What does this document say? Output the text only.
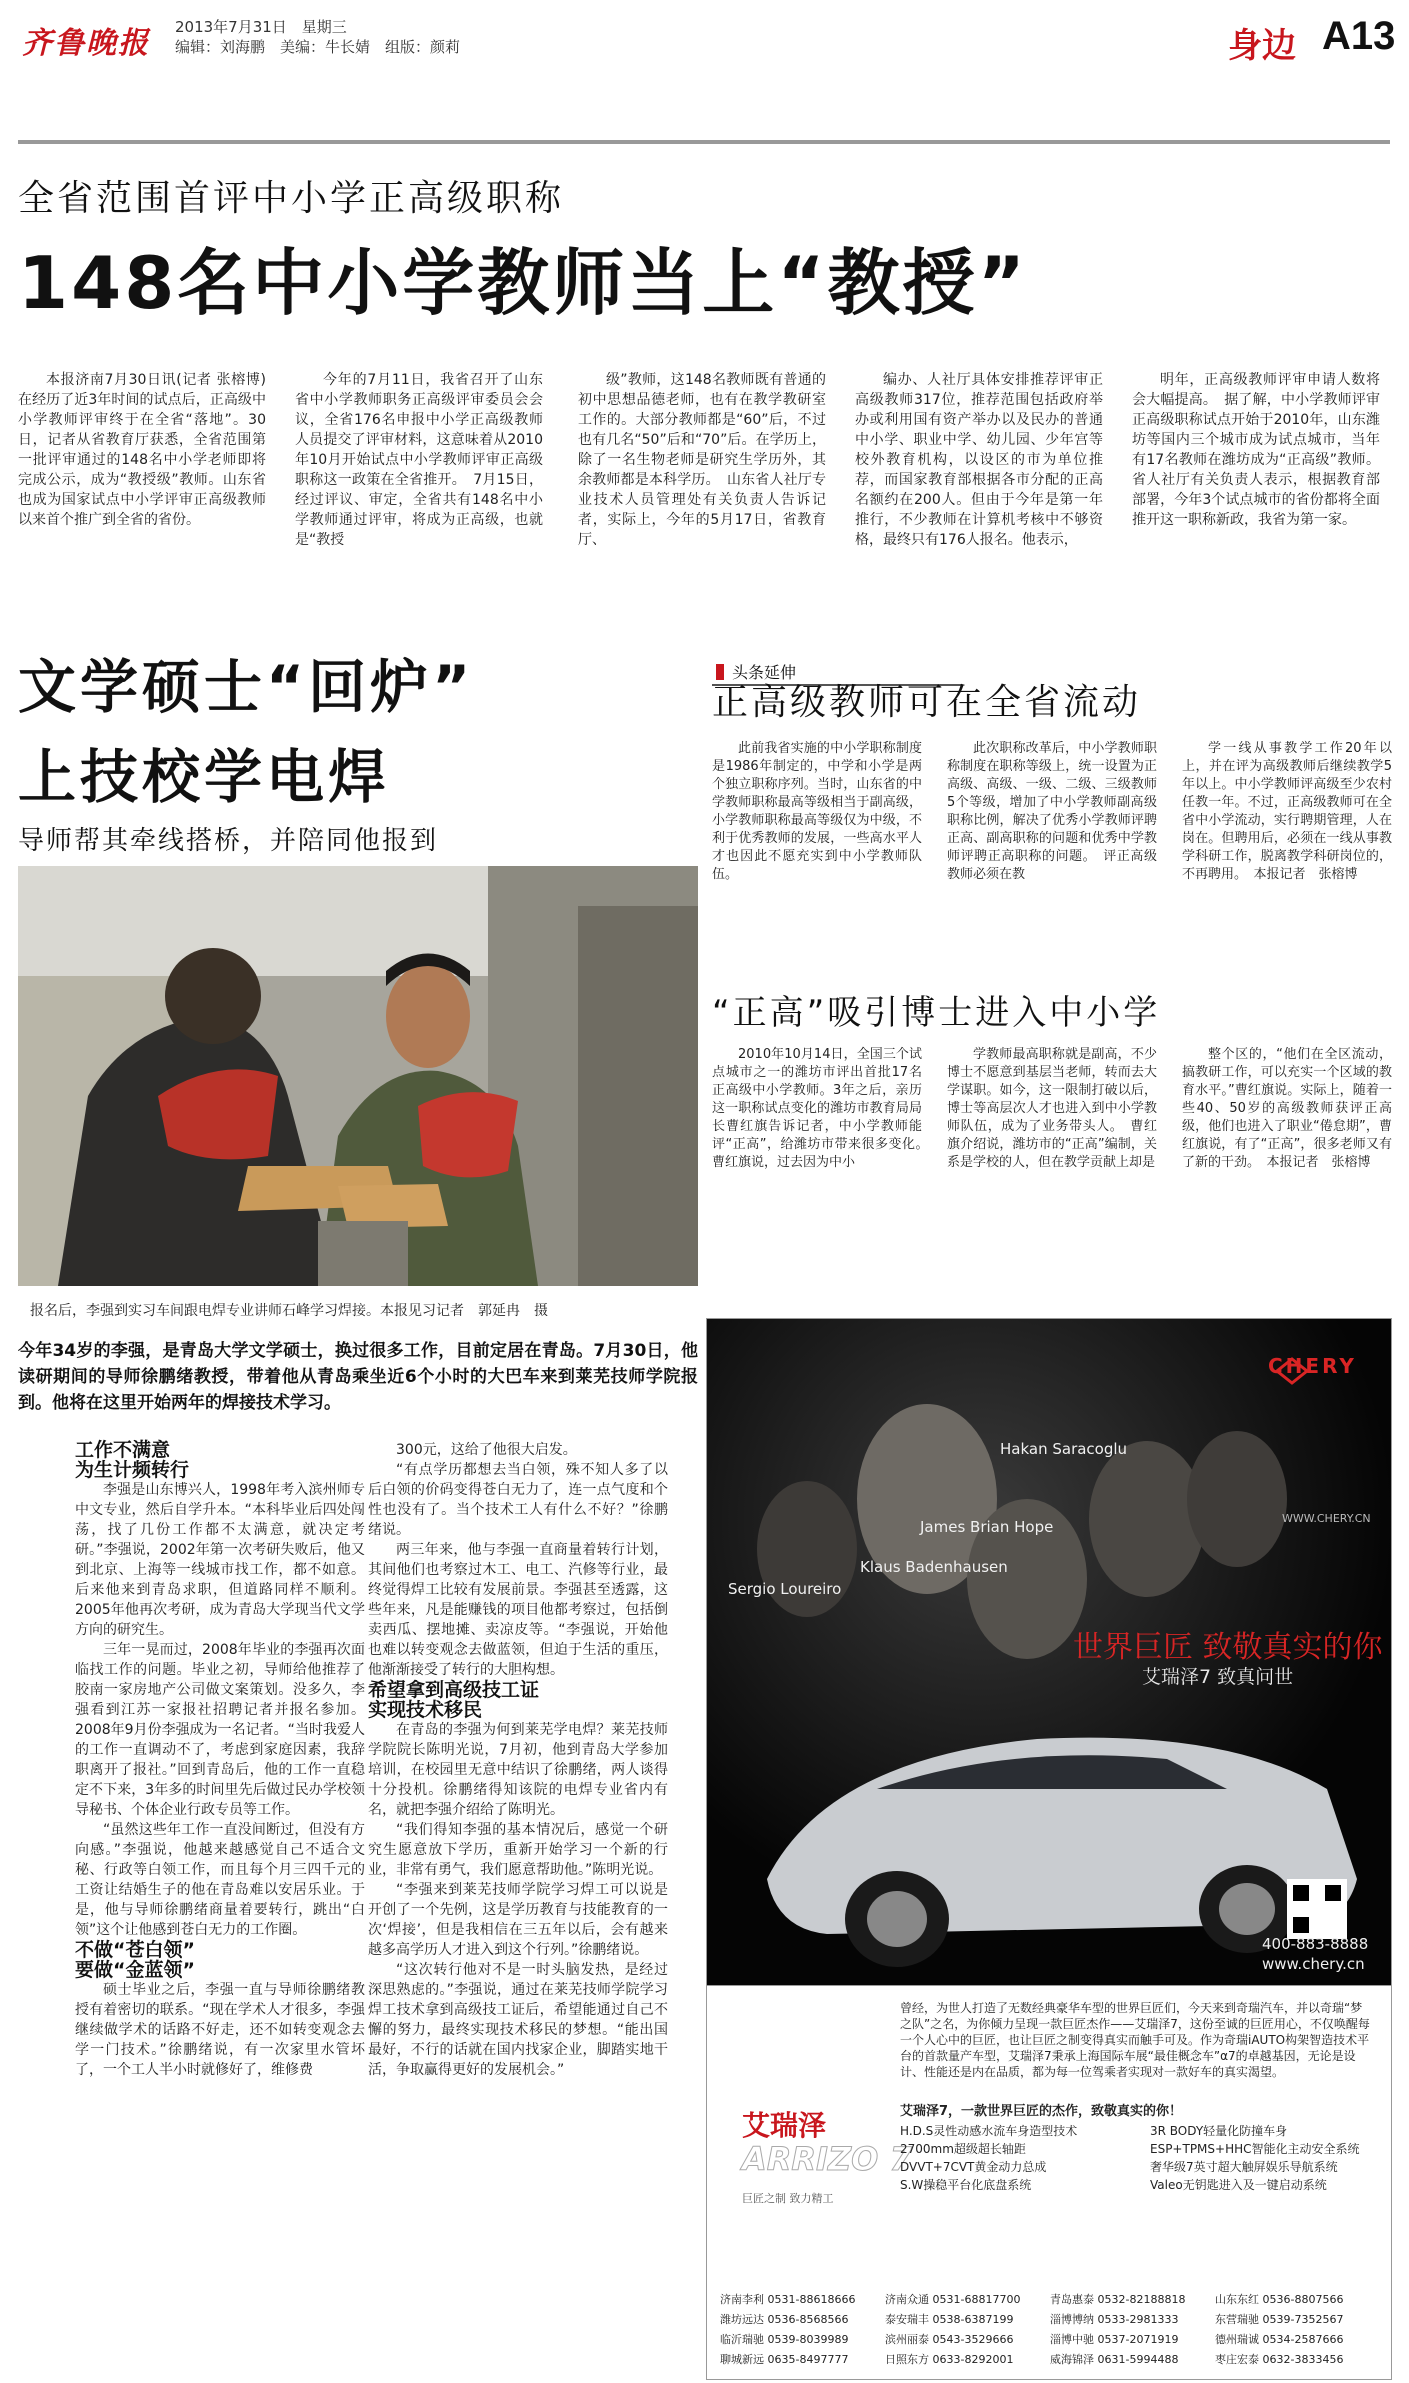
齐鲁晚报 2013年7月31日　星期三
编辑：刘海鹏　美编：牛长婧　组版：颜莉	身边 A13
全省范围首评中小学正高级职称
148名中小学教师当上“教授”

本报济南7月30日讯(记者 张榕博) 在经历了近3年时间的试点后，正高级中小学教师评审终于在全省“落地”。30日，记者从省教育厅获悉，全省范围第一批评审通过的148名中小学老师即将完成公示，成为“教授级”教师。山东省也成为国家试点中小学评审正高级教师以来首个推广到全省的省份。

今年的7月11日，我省召开了山东省中小学教师职务正高级评审委员会会议，全省176名申报中小学正高级教师人员提交了评审材料，这意味着从2010年10月开始试点中小学教师评审正高级职称这一政策在全省推开。　7月15日，经过评议、审定，全省共有148名中小学教师通过评审，将成为正高级，也就是“教授

级”教师，这148名教师既有普通的初中思想品德老师，也有在教学教研室工作的。大部分教师都是“60”后，不过也有几名“50”后和“70”后。在学历上，除了一名生物老师是研究生学历外，其余教师都是本科学历。　山东省人社厅专业技术人员管理处有关负责人告诉记者，实际上，今年的5月17日，省教育厅、

编办、人社厅具体安排推荐评审正高级教师317位，推荐范围包括政府举办或利用国有资产举办以及民办的普通中小学、职业中学、幼儿园、少年宫等校外教育机构，以设区的市为单位推荐，而国家教育部根据各市分配的正高名额约在200人。但由于今年是第一年推行，不少教师在计算机考核中不够资格，最终只有176人报名。他表示，

明年，正高级教师评审申请人数将会大幅提高。　据了解，中小学教师评审正高级职称试点开始于2010年，山东潍坊等国内三个城市成为试点城市，当年有17名教师在潍坊成为“正高级”教师。省人社厅有关负责人表示，根据教育部部署，今年3个试点城市的省份都将全面推开这一职称新政，我省为第一家。

文学硕士“回炉”
上技校学电焊
导师帮其牵线搭桥，并陪同他报到
报名后，李强到实习车间跟电焊专业讲师石峰学习焊接。本报见习记者　郭延冉　摄
今年34岁的李强，是青岛大学文学硕士，换过很多工作，目前定居在青岛。7月30日，他读研期间的导师徐鹏绪教授，带着他从青岛乘坐近6个小时的大巴车来到莱芜技师学院报到。他将在这里开始两年的焊接技术学习。

工作不满意

为生计频转行

李强是山东博兴人，1998年考入滨州师专中文专业，然后自学升本。“本科毕业后四处闯荡，找了几份工作都不太满意，就决定考研。”李强说，2002年第一次考研失败后，他又到北京、上海等一线城市找工作，都不如意。后来他来到青岛求职，但道路同样不顺利。2005年他再次考研，成为青岛大学现当代文学方向的研究生。

三年一晃而过，2008年毕业的李强再次面临找工作的问题。毕业之初，导师给他推荐了胶南一家房地产公司做文案策划。没多久，李强看到江苏一家报社招聘记者并报名参加。2008年9月份李强成为一名记者。“当时我爱人的工作一直调动不了，考虑到家庭因素，我辞职离开了报社。”回到青岛后，他的工作一直稳定不下来，3年多的时间里先后做过民办学校领导秘书、个体企业行政专员等工作。

“虽然这些年工作一直没间断过，但没有方向感。”李强说，他越来越感觉自己不适合文秘、行政等白领工作，而且每个月三四千元的工资让结婚生子的他在青岛难以安居乐业。于是，他与导师徐鹏绪商量着要转行，跳出“白领”这个让他感到苍白无力的工作圈。

不做“苍白领”

要做“金蓝领”

硕士毕业之后，李强一直与导师徐鹏绪教授有着密切的联系。“现在学术人才很多，李强继续做学术的话路不好走，还不如转变观念去学一门技术。”徐鹏绪说，有一次家里水管坏了，一个工人半小时就修好了，维修费

300元，这给了他很大启发。

“有点学历都想去当白领，殊不知人多了以后白领的价码变得苍白无力了，连一点气度和个性也没有了。当个技术工人有什么不好？”徐鹏绪说。

两三年来，他与李强一直商量着转行计划，其间他们也考察过木工、电工、汽修等行业，最终觉得焊工比较有发展前景。李强甚至透露，这些年来，凡是能赚钱的项目他都考察过，包括倒卖西瓜、摆地摊、卖凉皮等。“李强说，开始他也难以转变观念去做蓝领，但迫于生活的重压，他渐渐接受了转行的大胆构想。

希望拿到高级技工证

实现技术移民

在青岛的李强为何到莱芜学电焊？莱芜技师学院院长陈明光说，7月初，他到青岛大学参加培训，在校园里无意中结识了徐鹏绪，两人谈得十分投机。徐鹏绪得知该院的电焊专业省内有名，就把李强介绍给了陈明光。

“我们得知李强的基本情况后，感觉一个研究生愿意放下学历，重新开始学习一个新的行业，非常有勇气，我们愿意帮助他。”陈明光说。

“李强来到莱芜技师学院学习焊工可以说是开创了一个先例，这是学历教育与技能教育的一次‘焊接’，但是我相信在三五年以后，会有越来越多高学历人才进入到这个行列。”徐鹏绪说。

“这次转行他对不是一时头脑发热，是经过深思熟虑的。”李强说，通过在莱芜技师学院学习焊工技术拿到高级技工证后，希望能通过自己不懈的努力，最终实现技术移民的梦想。“能出国最好，不行的话就在国内找家企业，脚踏实地干活，争取赢得更好的发展机会。”

头条延伸
正高级教师可在全省流动

此前我省实施的中小学职称制度是1986年制定的，中学和小学是两个独立职称序列。当时，山东省的中学教师职称最高等级相当于副高级，小学教师职称最高等级仅为中级，不利于优秀教师的发展，一些高水平人才也因此不愿充实到中小学教师队伍。

此次职称改革后，中小学教师职称制度在职称等级上，统一设置为正高级、高级、一级、二级、三级教师5个等级，增加了中小学教师副高级职称比例，解决了优秀小学教师评聘正高、副高职称的问题和优秀中学教师评聘正高职称的问题。　评正高级教师必须在教

学一线从事教学工作20年以上，并在评为高级教师后继续教学5年以上。中小学教师评高级至少农村任教一年。不过，正高级教师可在全省中小学流动，实行聘期管理，人在岗在。但聘用后，必须在一线从事教学科研工作，脱离教学科研岗位的，不再聘用。　本报记者　张榕博

“正高”吸引博士进入中小学

2010年10月14日，全国三个试点城市之一的潍坊市评出首批17名正高级中小学教师。3年之后，亲历这一职称试点变化的潍坊市教育局局长曹红旗告诉记者，中小学教师能评“正高”，给潍坊市带来很多变化。　曹红旗说，过去因为中小

学教师最高职称就是副高，不少博士不愿意到基层当老师，转而去大学谋职。如今，这一限制打破以后，博士等高层次人才也进入到中小学教师队伍，成为了业务带头人。　曹红旗介绍说，潍坊市的“正高”编制，关系是学校的人，但在教学贡献上却是

整个区的，“他们在全区流动，搞教研工作，可以充实一个区域的教育水平。”曹红旗说。实际上，随着一些40、50岁的高级教师获评正高级，他们也进入了职业“倦怠期”，曹红旗说，有了“正高”，很多老师又有了新的干劲。　本报记者　张榕博

CHERY
WWW.CHERY.CN
Hakan Saracoglu
James Brian Hope
Klaus Badenhausen
Sergio Loureiro
世界巨匠 致敬真实的你
艾瑞泽7 致真问世
400-883-8888
www.chery.cn
曾经，为世人打造了无数经典豪华车型的世界巨匠们，今天来到奇瑞汽车，并以奇瑞“梦之队”之名，为你倾力呈现一款巨匠杰作——艾瑞泽7，这份至诚的巨匠用心，不仅唤醒每一个人心中的巨匠，也让巨匠之制变得真实而触手可及。作为奇瑞iAUTO构架智造技术平台的首款量产车型，艾瑞泽7秉承上海国际车展“最佳概念车”α7的卓越基因，无论是设计、性能还是内在品质，都为每一位驾乘者实现对一款好车的真实渴望。
艾瑞泽
ARRIZO 7
巨匠之制 致力精工
艾瑞泽7，一款世界巨匠的杰作，致敬真实的你！
H.D.S灵性动感水流车身造型技术
2700mm超级超长轴距
DVVT+7CVT黄金动力总成
S.W操稳平台化底盘系统
3R BODY轻量化防撞车身
ESP+TPMS+HHC智能化主动安全系统
奢华级7英寸超大触屏娱乐导航系统
Valeo无钥匙进入及一键启动系统
济南李利 0531-88618666	济南众通 0531-68817700	青岛惠泰 0532-82188818	山东东红 0536-8807566
潍坊远达 0536-8568566	泰安瑞丰 0538-6387199	淄博博纳 0533-2981333	东营瑞驰 0539-7352567
临沂瑞驰 0539-8039989	滨州丽泰 0543-3529666	淄博中驰 0537-2071919	德州瑞诚 0534-2587666
聊城新远 0635-8497777	日照东方 0633-8292001	威海锦泽 0631-5994488	枣庄宏泰 0632-3833456
